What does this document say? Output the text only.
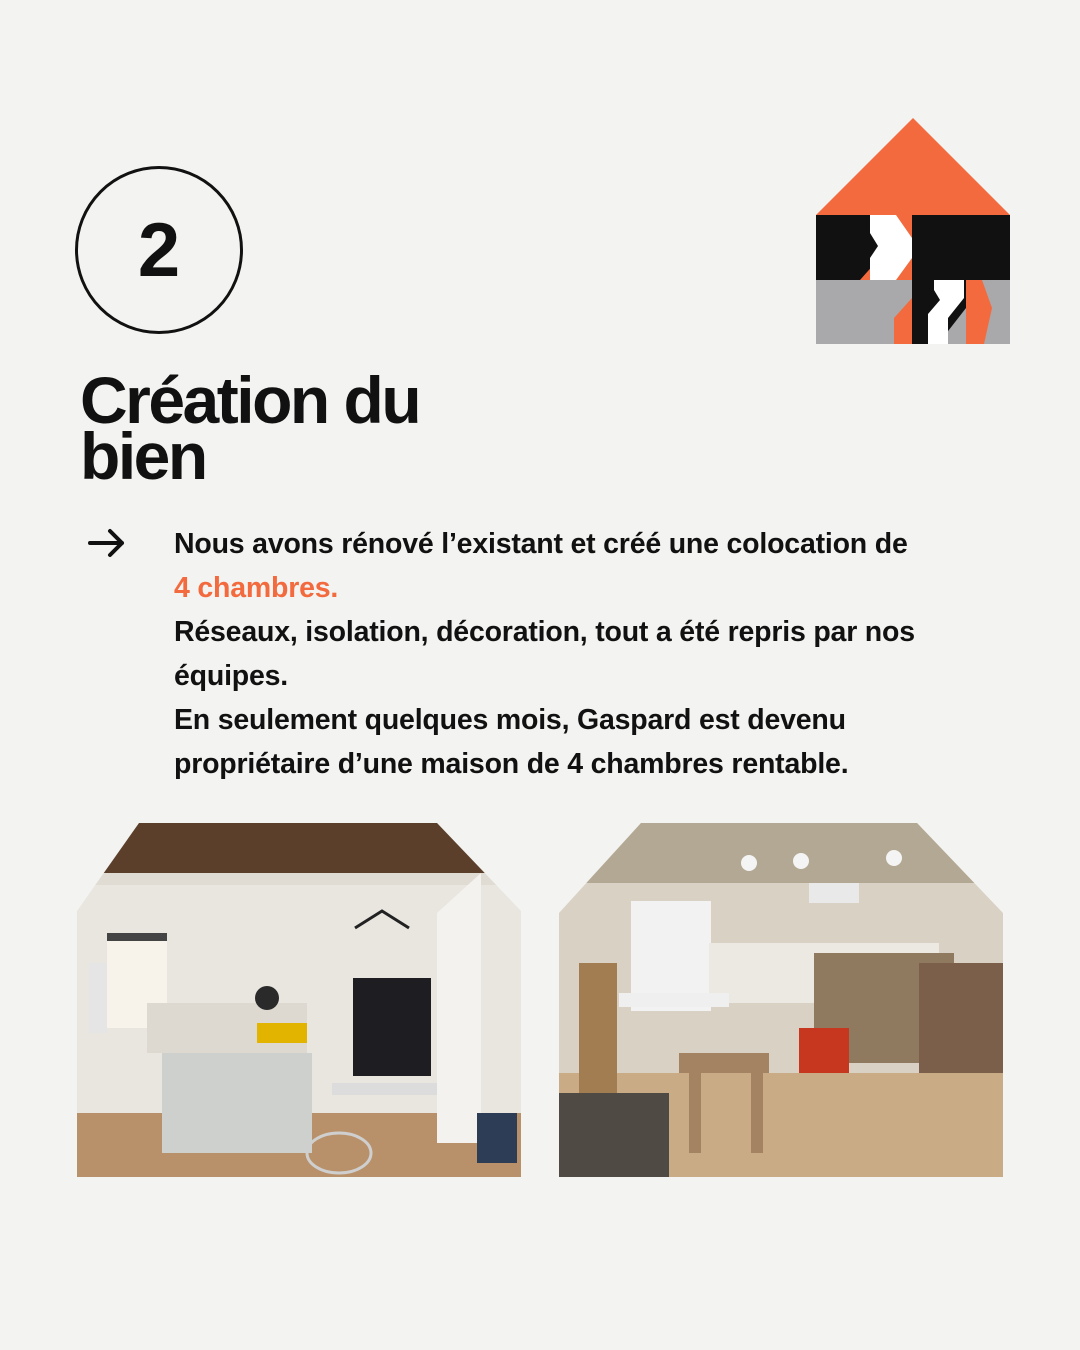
2
Création du bien

Nous avons rénové l’existant et créé une colocation de

4 chambres.

Réseaux, isolation, décoration, tout a été repris par nos équipes.

En seulement quelques mois, Gaspard est devenu propriétaire d’une maison de 4 chambres rentable.
